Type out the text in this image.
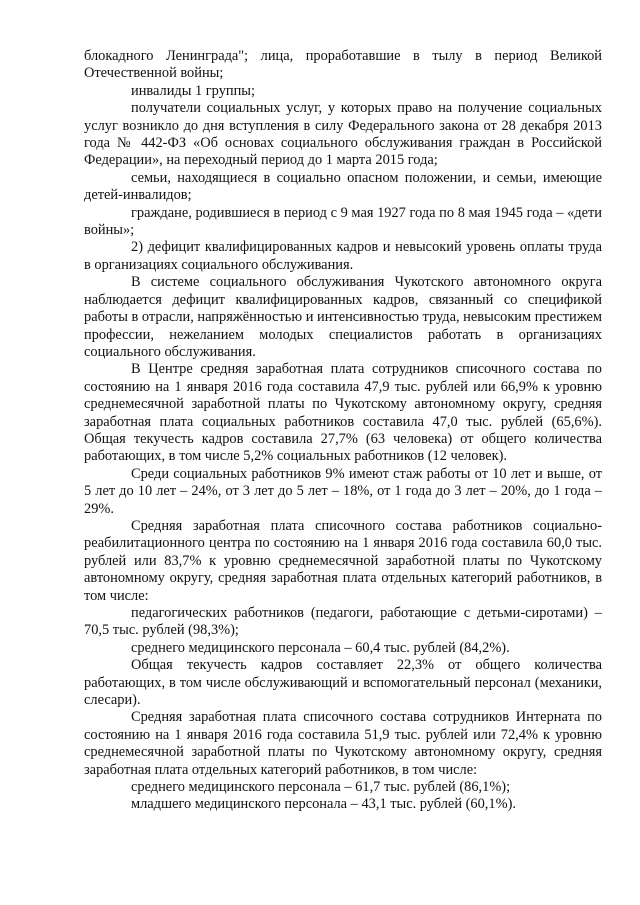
блокадного Ленинграда"; лица, проработавшие в тылу в период Великой Отечественной войны;

инвалиды 1 группы;

получатели социальных услуг, у которых право на получение социальных услуг возникло до дня вступления в силу Федерального закона от 28 декабря 2013 года № 442-ФЗ «Об основах социального обслуживания граждан в Российской Федерации», на переходный период до 1 марта 2015 года;

семьи, находящиеся в социально опасном положении, и семьи, имеющие детей-инвалидов;

граждане, родившиеся в период с 9 мая 1927 года по 8 мая 1945 года – «дети войны»;

2) дефицит квалифицированных кадров и невысокий уровень оплаты труда в организациях социального обслуживания.

В системе социального обслуживания Чукотского автономного округа наблюдается дефицит квалифицированных кадров, связанный со спецификой работы в отрасли, напряжённостью и интенсивностью труда, невысоким престижем профессии, нежеланием молодых специалистов работать в организациях социального обслуживания.

В Центре средняя заработная плата сотрудников списочного состава по состоянию на 1 января 2016 года составила 47,9 тыс. рублей или 66,9% к уровню среднемесячной заработной платы по Чукотскому автономному округу, средняя заработная плата социальных работников составила 47,0 тыс. рублей (65,6%). Общая текучесть кадров составила 27,7% (63 человека) от общего количества работающих, в том числе 5,2% социальных работников (12 человек).

Среди социальных работников 9% имеют стаж работы от 10 лет и выше, от 5 лет до 10 лет – 24%, от 3 лет до 5 лет – 18%, от 1 года до 3 лет – 20%, до 1 года – 29%.

Средняя заработная плата списочного состава работников социально-реабилитационного центра по состоянию на 1 января 2016 года составила 60,0 тыс. рублей или 83,7% к уровню среднемесячной заработной платы по Чукотскому автономному округу, средняя заработная плата отдельных категорий работников, в том числе:

педагогических работников (педагоги, работающие с детьми-сиротами) – 70,5 тыс. рублей (98,3%);

среднего медицинского персонала – 60,4 тыс. рублей (84,2%).

Общая текучесть кадров составляет 22,3% от общего количества работающих, в том числе обслуживающий и вспомогательный персонал (механики, слесари).

Средняя заработная плата списочного состава сотрудников Интерната по состоянию на 1 января 2016 года составила 51,9 тыс. рублей или 72,4% к уровню среднемесячной заработной платы по Чукотскому автономному округу, средняя заработная плата отдельных категорий работников, в том числе:

среднего медицинского персонала – 61,7 тыс. рублей (86,1%);

младшего медицинского персонала – 43,1 тыс. рублей (60,1%).
